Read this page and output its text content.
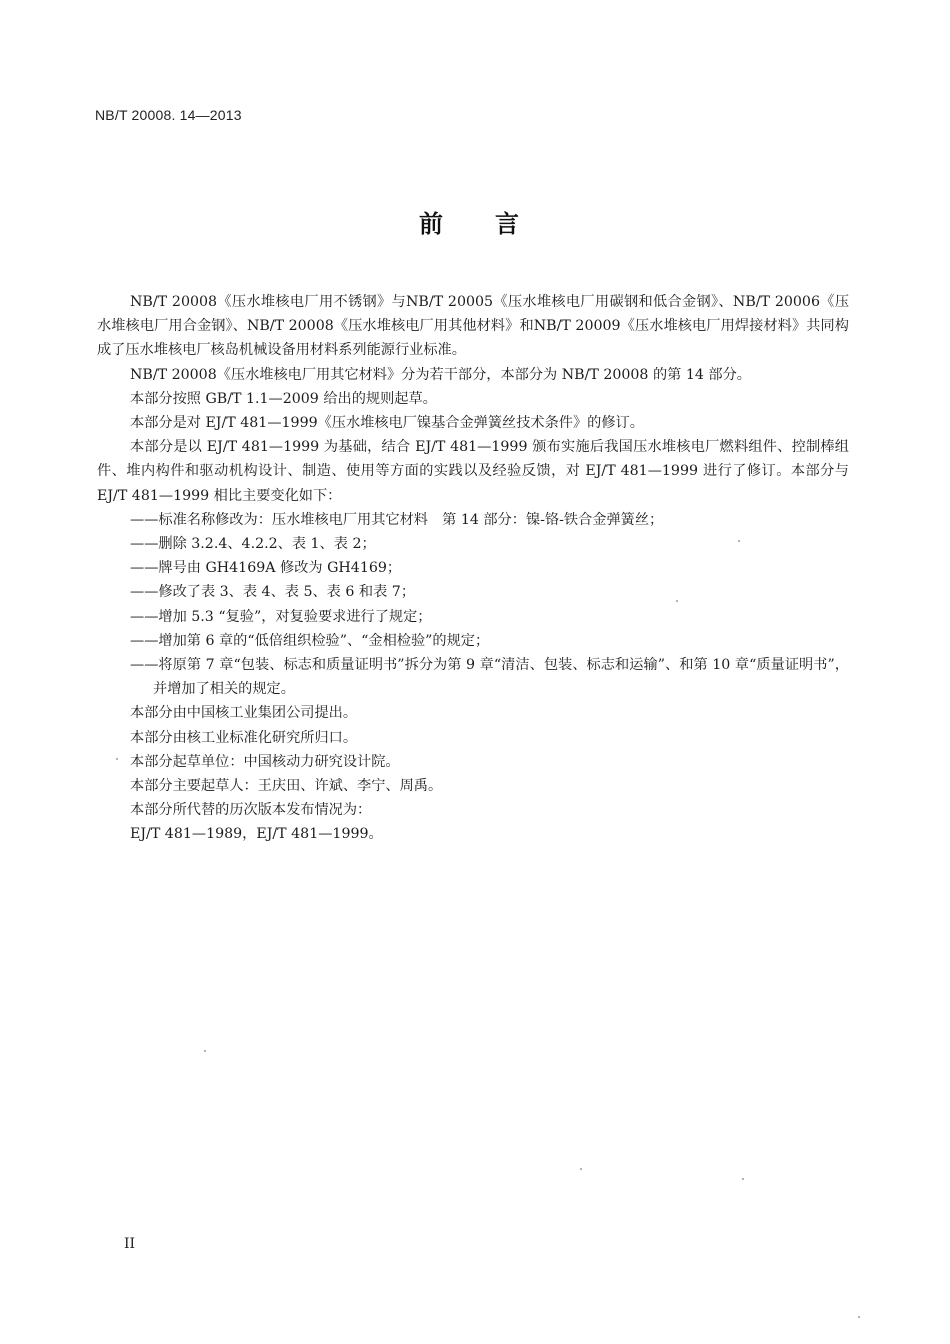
NB/T 20008. 14—2013
前言

NB/T 20008《压水堆核电厂用不锈钢》与NB/T 20005《压水堆核电厂用碳钢和低合金钢》、NB/T 20006《压水堆核电厂用合金钢》、NB/T 20008《压水堆核电厂用其他材料》和NB/T 20009《压水堆核电厂用焊接材料》共同构成了压水堆核电厂核岛机械设备用材料系列能源行业标准。

NB/T 20008《压水堆核电厂用其它材料》分为若干部分，本部分为 NB/T 20008 的第 14 部分。

本部分按照 GB/T 1.1—2009 给出的规则起草。

本部分是对 EJ/T 481—1999《压水堆核电厂镍基合金弹簧丝技术条件》的修订。

本部分是以 EJ/T 481—1999 为基础，结合 EJ/T 481—1999 颁布实施后我国压水堆核电厂燃料组件、控制棒组件、堆内构件和驱动机构设计、制造、使用等方面的实践以及经验反馈，对 EJ/T 481—1999 进行了修订。本部分与 EJ/T 481—1999 相比主要变化如下：

——标准名称修改为：压水堆核电厂用其它材料　第 14 部分：镍-铬-铁合金弹簧丝；

——删除 3.2.4、4.2.2、表 1、表 2；

——牌号由 GH4169A 修改为 GH4169；

——修改了表 3、表 4、表 5、表 6 和表 7；

——增加 5.3 “复验”，对复验要求进行了规定；

——增加第 6 章的“低倍组织检验”、“金相检验”的规定；

——将原第 7 章“包装、标志和质量证明书”拆分为第 9 章“清洁、包装、标志和运输”、和第 10 章“质量证明书”，并增加了相关的规定。

本部分由中国核工业集团公司提出。

本部分由核工业标准化研究所归口。

本部分起草单位：中国核动力研究设计院。

本部分主要起草人：王庆田、许斌、李宁、周禹。

本部分所代替的历次版本发布情况为：

EJ/T 481—1989，EJ/T 481—1999。

II
